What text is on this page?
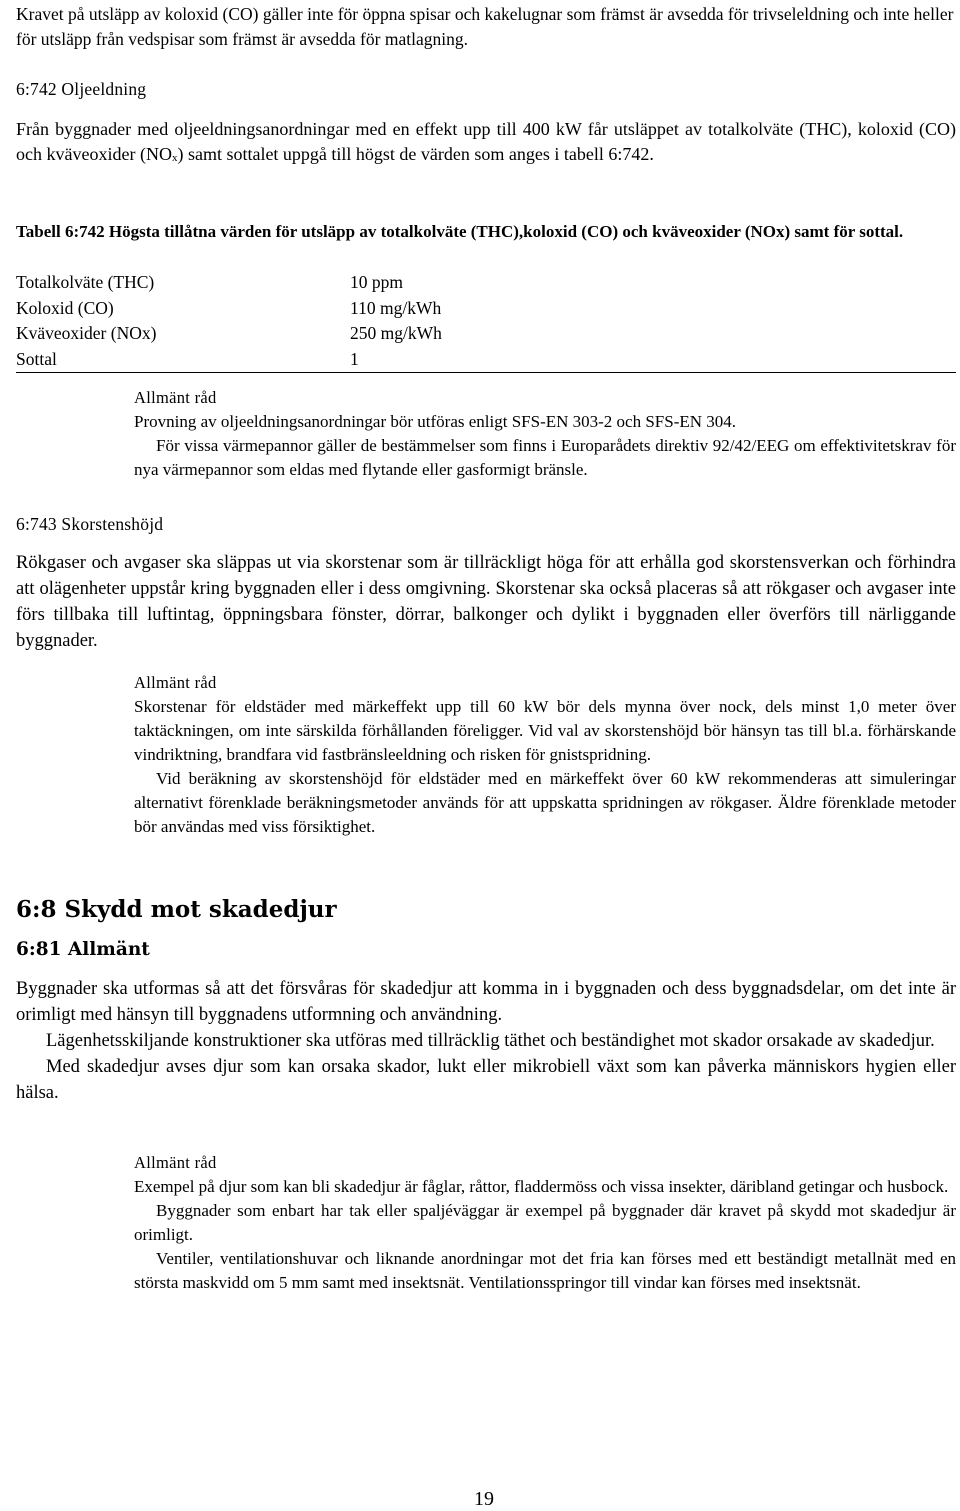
Kravet på utsläpp av koloxid (CO) gäller inte för öppna spisar och kakelugnar som främst är avsedda för trivseleldning och inte heller för utsläpp från vedspisar som främst är avsedda för matlagning.

6:742 Oljeeldning

Från byggnader med oljeeldningsanordningar med en effekt upp till 400 kW får utsläppet av totalkolväte (THC), koloxid (CO) och kväveoxider $(NO_x)$ samt sottalet uppgå till högst de värden som anges i tabell 6:742.

Tabell 6:742 Högsta tillåtna värden för utsläpp av totalkolväte (THC),koloxid (CO) och kväveoxider (NOx) samt för sottal.

Totalkolväte (THC)	10 ppm
Koloxid (CO)	110 mg/kWh
Kväveoxider (NOx)	250 mg/kWh
Sottal	1

Allmänt råd

Provning av oljeeldningsanordningar bör utföras enligt SFS-EN 303-2 och SFS-EN 304.

För vissa värmepannor gäller de bestämmelser som finns i Europarådets direktiv 92/42/EEG om effektivitetskrav för nya värmepannor som eldas med flytande eller gasformigt bränsle.

6:743 Skorstenshöjd

Rökgaser och avgaser ska släppas ut via skorstenar som är tillräckligt höga för att erhålla god skorstensverkan och förhindra att olägenheter uppstår kring byggnaden eller i dess omgivning. Skorstenar ska också placeras så att rökgaser och avgaser inte förs tillbaka till luftintag, öppningsbara fönster, dörrar, balkonger och dylikt i byggnaden eller överförs till närliggande byggnader.

Allmänt råd

Skorstenar för eldstäder med märkeffekt upp till 60 kW bör dels mynna över nock, dels minst 1,0 meter över taktäckningen, om inte särskilda förhållanden föreligger. Vid val av skorstenshöjd bör hänsyn tas till bl.a. förhärskande vindriktning, brandfara vid fastbränsleeldning och risken för gnistspridning.

Vid beräkning av skorstenshöjd för eldstäder med en märkeffekt över 60 kW rekommenderas att simuleringar alternativt förenklade beräkningsmetoder används för att uppskatta spridningen av rökgaser. Äldre förenklade metoder bör användas med viss försiktighet.

6:8 Skydd mot skadedjur

6:81 Allmänt

Byggnader ska utformas så att det försvåras för skadedjur att komma in i byggnaden och dess byggnadsdelar, om det inte är orimligt med hänsyn till byggnadens utformning och användning.

Lägenhetsskiljande konstruktioner ska utföras med tillräcklig täthet och beständighet mot skador orsakade av skadedjur.

Med skadedjur avses djur som kan orsaka skador, lukt eller mikrobiell växt som kan påverka människors hygien eller hälsa.

Allmänt råd

Exempel på djur som kan bli skadedjur är fåglar, råttor, fladdermöss och vissa insekter, däribland getingar och husbock.

Byggnader som enbart har tak eller spaljéväggar är exempel på byggnader där kravet på skydd mot skadedjur är orimligt.

Ventiler, ventilationshuvar och liknande anordningar mot det fria kan förses med ett beständigt metallnät med en största maskvidd om 5 mm samt med insektsnät. Ventilationsspringor till vindar kan förses med insektsnät.

19
